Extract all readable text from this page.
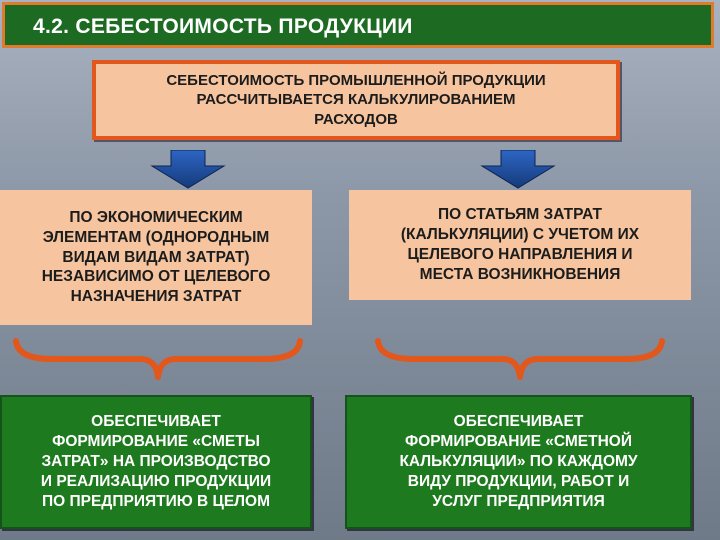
4.2. СЕБЕСТОИМОСТЬ ПРОДУКЦИИ
СЕБЕСТОИМОСТЬ ПРОМЫШЛЕННОЙ ПРОДУКЦИИ
РАССЧИТЫВАЕТСЯ КАЛЬКУЛИРОВАНИЕМ
РАСХОДОВ
ПО ЭКОНОМИЧЕСКИМ
ЭЛЕМЕНТАМ (ОДНОРОДНЫМ
ВИДАМ ВИДАМ ЗАТРАТ)
НЕЗАВИСИМО ОТ ЦЕЛЕВОГО
НАЗНАЧЕНИЯ ЗАТРАТ
ПО СТАТЬЯМ ЗАТРАТ
(КАЛЬКУЛЯЦИИ) С УЧЕТОМ ИХ
ЦЕЛЕВОГО НАПРАВЛЕНИЯ И
МЕСТА ВОЗНИКНОВЕНИЯ
ОБЕСПЕЧИВАЕТ
ФОРМИРОВАНИЕ «СМЕТЫ
ЗАТРАТ» НА ПРОИЗВОДСТВО
И РЕАЛИЗАЦИЮ ПРОДУКЦИИ
ПО ПРЕДПРИЯТИЮ В ЦЕЛОМ
ОБЕСПЕЧИВАЕТ
ФОРМИРОВАНИЕ «СМЕТНОЙ
КАЛЬКУЛЯЦИИ» ПО КАЖДОМУ
ВИДУ ПРОДУКЦИИ, РАБОТ И
УСЛУГ ПРЕДПРИЯТИЯ
